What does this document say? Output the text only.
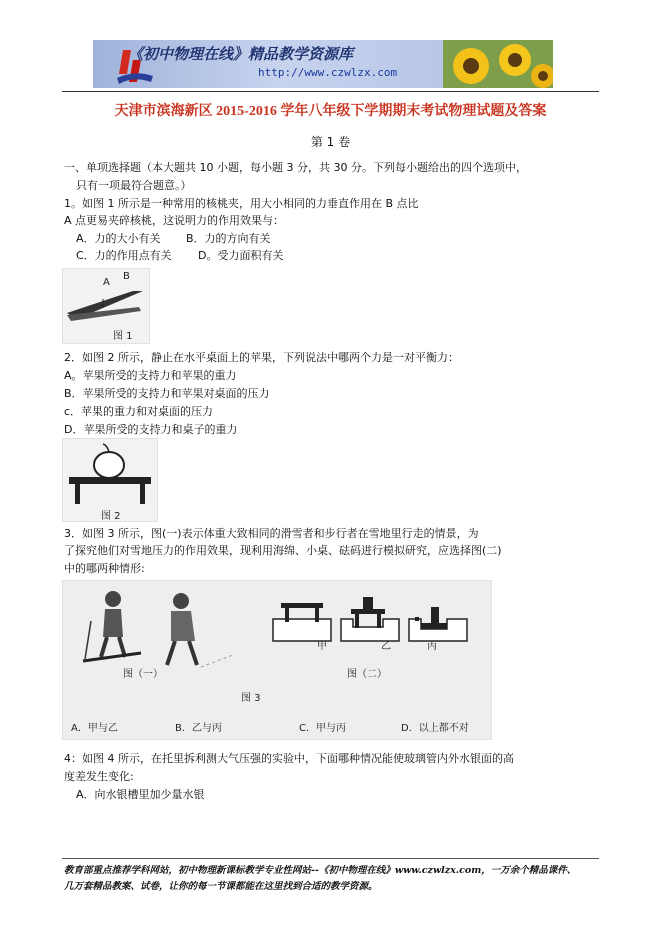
《初中物理在线》精品教学资源库
http://www.czwlzx.com
天津市滨海新区 2015-2016 学年八年级下学期期末考试物理试题及答案
第 1 卷
一、单项选择题（本大题共 10 小题，每小题 3 分，共 30 分。下列每小题给出的四个选项中，
只有一项最符合题意。）
1。如图 1 所示是一种常用的核桃夹，用大小相同的力垂直作用在 B 点比
A 点更易夹碎核桃，这说明力的作用效果与：
A．力的大小有关 B．力的方向有关
C．力的作用点有关 D。受力面积有关
A
B
图 1
2．如图 2 所示，静止在水平桌面上的苹果，下列说法中哪两个力是一对平衡力：
A。苹果所受的支持力和苹果的重力
B．苹果所受的支持力和苹果对桌面的压力
c．苹果的重力和对桌面的压力
D．苹果所受的支持力和桌子的重力
图 2
3．如图 3 所示，图(一)表示体重大致相同的滑雪者和步行者在雪地里行走的情景，为
了探究他们对雪地压力的作用效果，现利用海绵、小桌、砝码进行模拟研究，应选择图(二)
中的哪两种情形:
甲	乙	丙
图（一）	图（二）
图 3
A．甲与乙	B．乙与丙	C．甲与丙	D．以上都不对
4：如图 4 所示，在托里拆利测大气压强的实验中，下面哪种情况能使玻璃管内外水银面的高
度差发生变化:
A．向水银槽里加少量水银
教育部重点推荐学科网站，初中物理新课标教学专业性网站--《初中物理在线》www.czwlzx.com，一万余个精品课件、
几万套精品教案、试卷，让你的每一节课都能在这里找到合适的教学资源。
